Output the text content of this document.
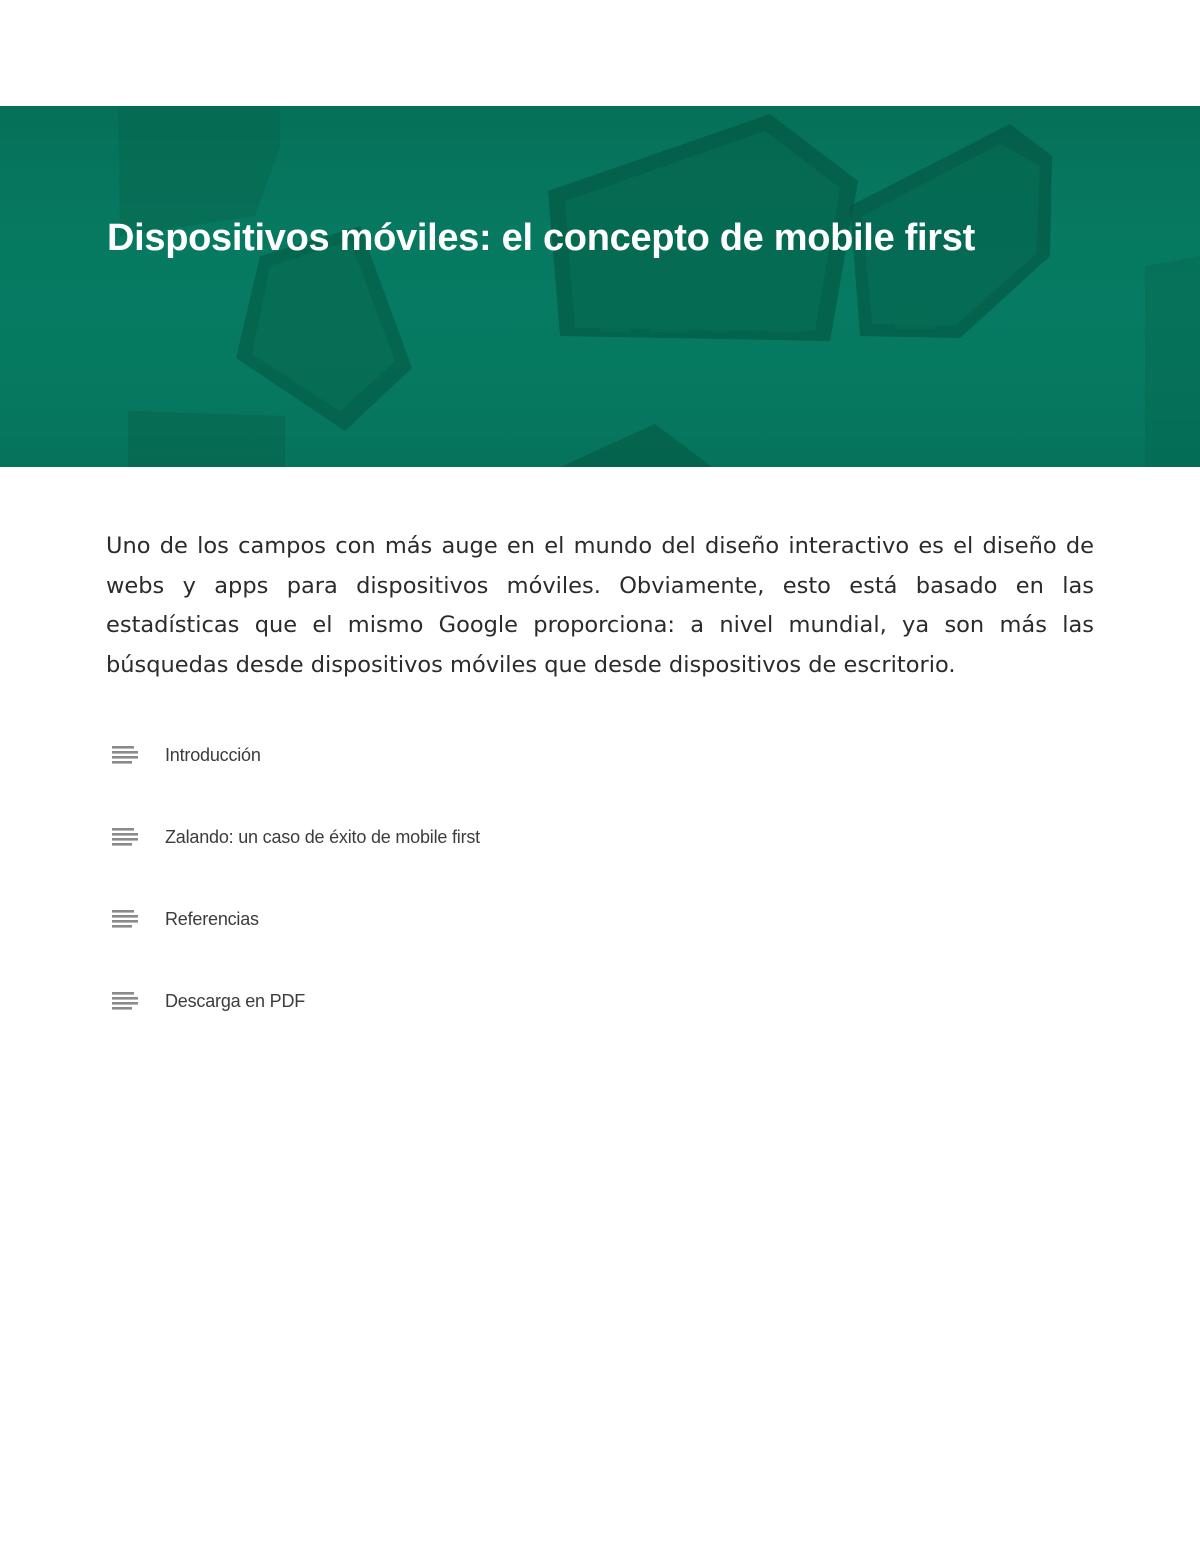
Dispositivos móviles: el concepto de mobile first

Uno de los campos con más auge en el mundo del diseño interactivo es el diseño de webs y apps para dispositivos móviles. Obviamente, esto está basado en las estadísticas que el mismo Google proporciona: a nivel mundial, ya son más las búsquedas desde dispositivos móviles que desde dispositivos de escritorio.

Introducción
Zalando: un caso de éxito de mobile first
Referencias
Descarga en PDF
